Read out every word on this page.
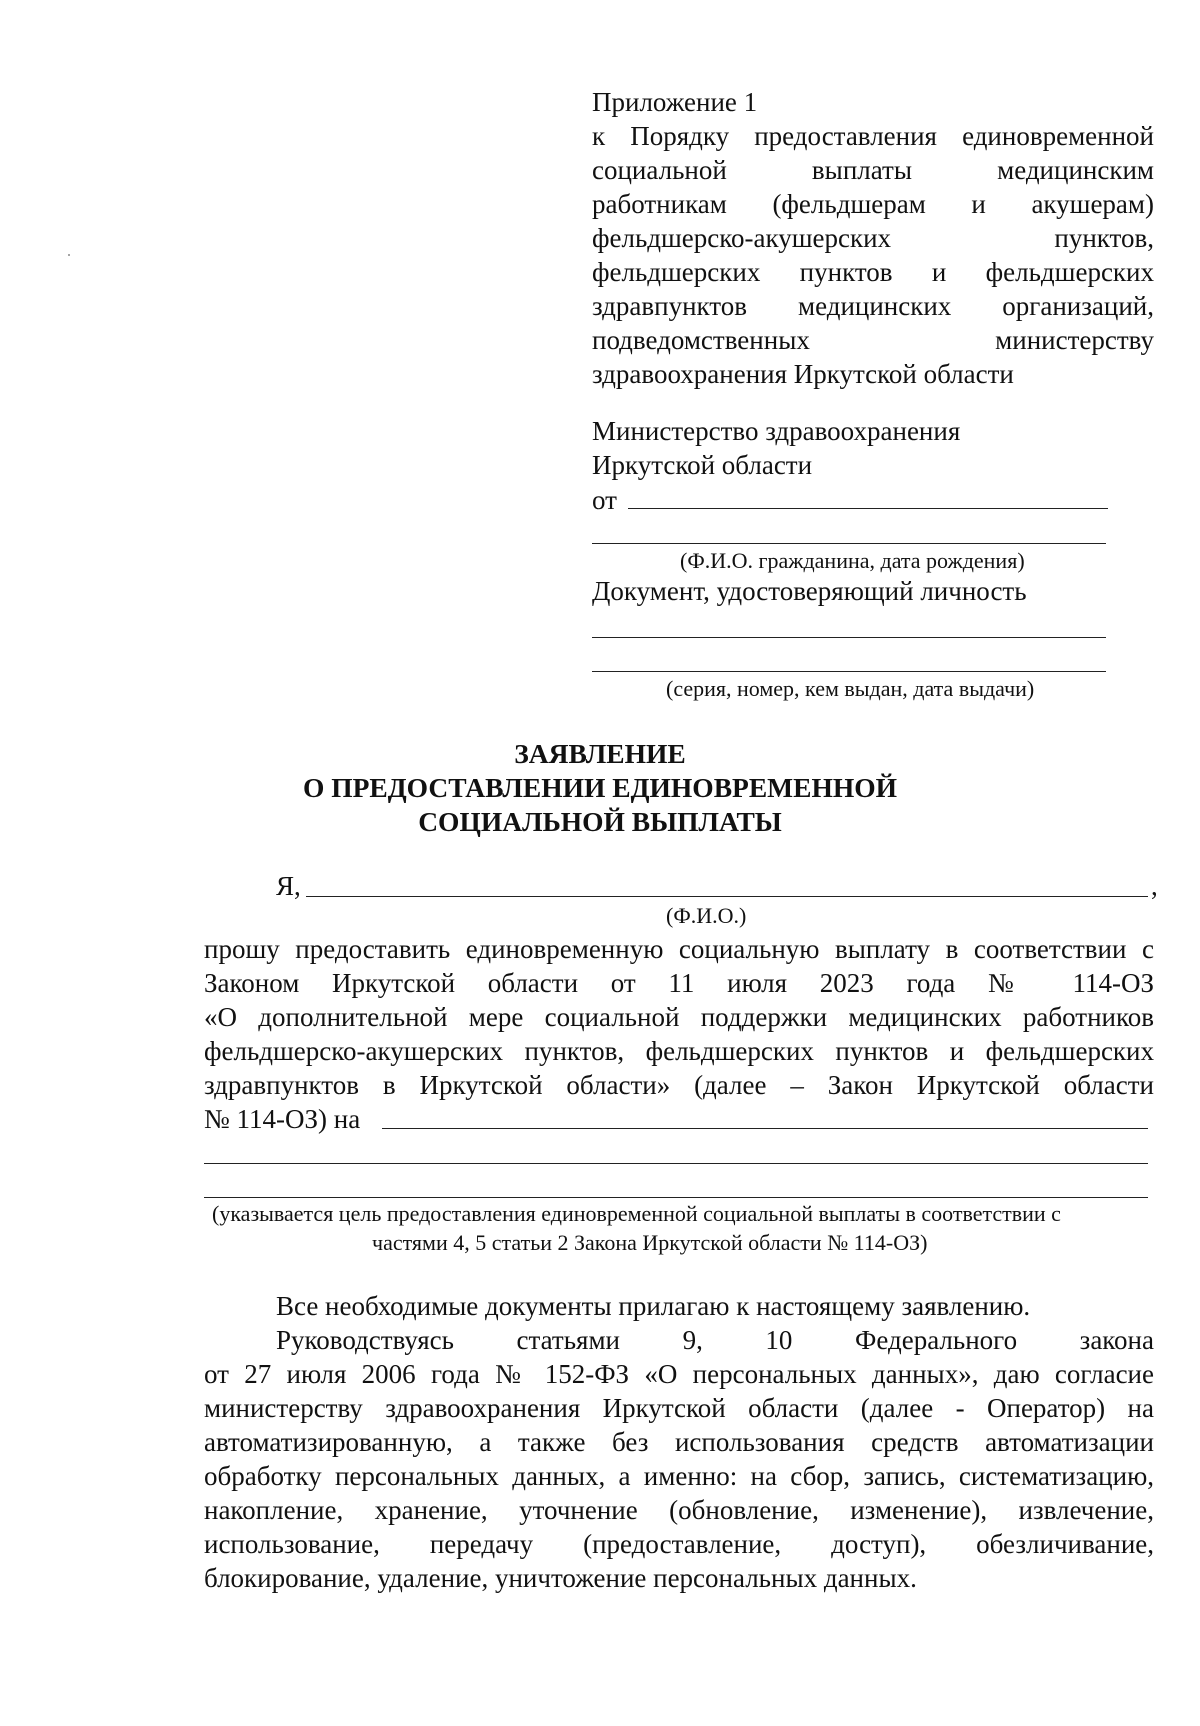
Приложение 1
к Порядку предоставления единовременной
социальной выплаты медицинским
работникам (фельдшерам и акушерам)
фельдшерско-акушерских пунктов,
фельдшерских пунктов и фельдшерских
здравпунктов медицинских организаций,
подведомственных министерству
здравоохранения Иркутской области
Министерство здравоохранения
Иркутской области
от
(Ф.И.О. гражданина, дата рождения)
Документ, удостоверяющий личность
(серия, номер, кем выдан, дата выдачи)
ЗАЯВЛЕНИЕ
О ПРЕДОСТАВЛЕНИИ ЕДИНОВРЕМЕННОЙ
СОЦИАЛЬНОЙ ВЫПЛАТЫ
Я,	,
(Ф.И.О.)
прошу предоставить единовременную социальную выплату в соответствии с
Законом Иркутской области от 11 июля 2023 года № 114-ОЗ
«О дополнительной мере социальной поддержки медицинских работников
фельдшерско-акушерских пунктов, фельдшерских пунктов и фельдшерских
здравпунктов в Иркутской области» (далее – Закон Иркутской области
№ 114-ОЗ) на
(указывается цель предоставления единовременной социальной выплаты в соответствии с
частями 4, 5 статьи 2 Закона Иркутской области № 114-ОЗ)
Все необходимые документы прилагаю к настоящему заявлению.
Руководствуясь статьями 9, 10 Федерального закона
от 27 июля 2006 года № 152-ФЗ «О персональных данных», даю согласие
министерству здравоохранения Иркутской области (далее - Оператор) на
автоматизированную, а также без использования средств автоматизации
обработку персональных данных, а именно: на сбор, запись, систематизацию,
накопление, хранение, уточнение (обновление, изменение), извлечение,
использование, передачу (предоставление, доступ), обезличивание,
блокирование, удаление, уничтожение персональных данных.
